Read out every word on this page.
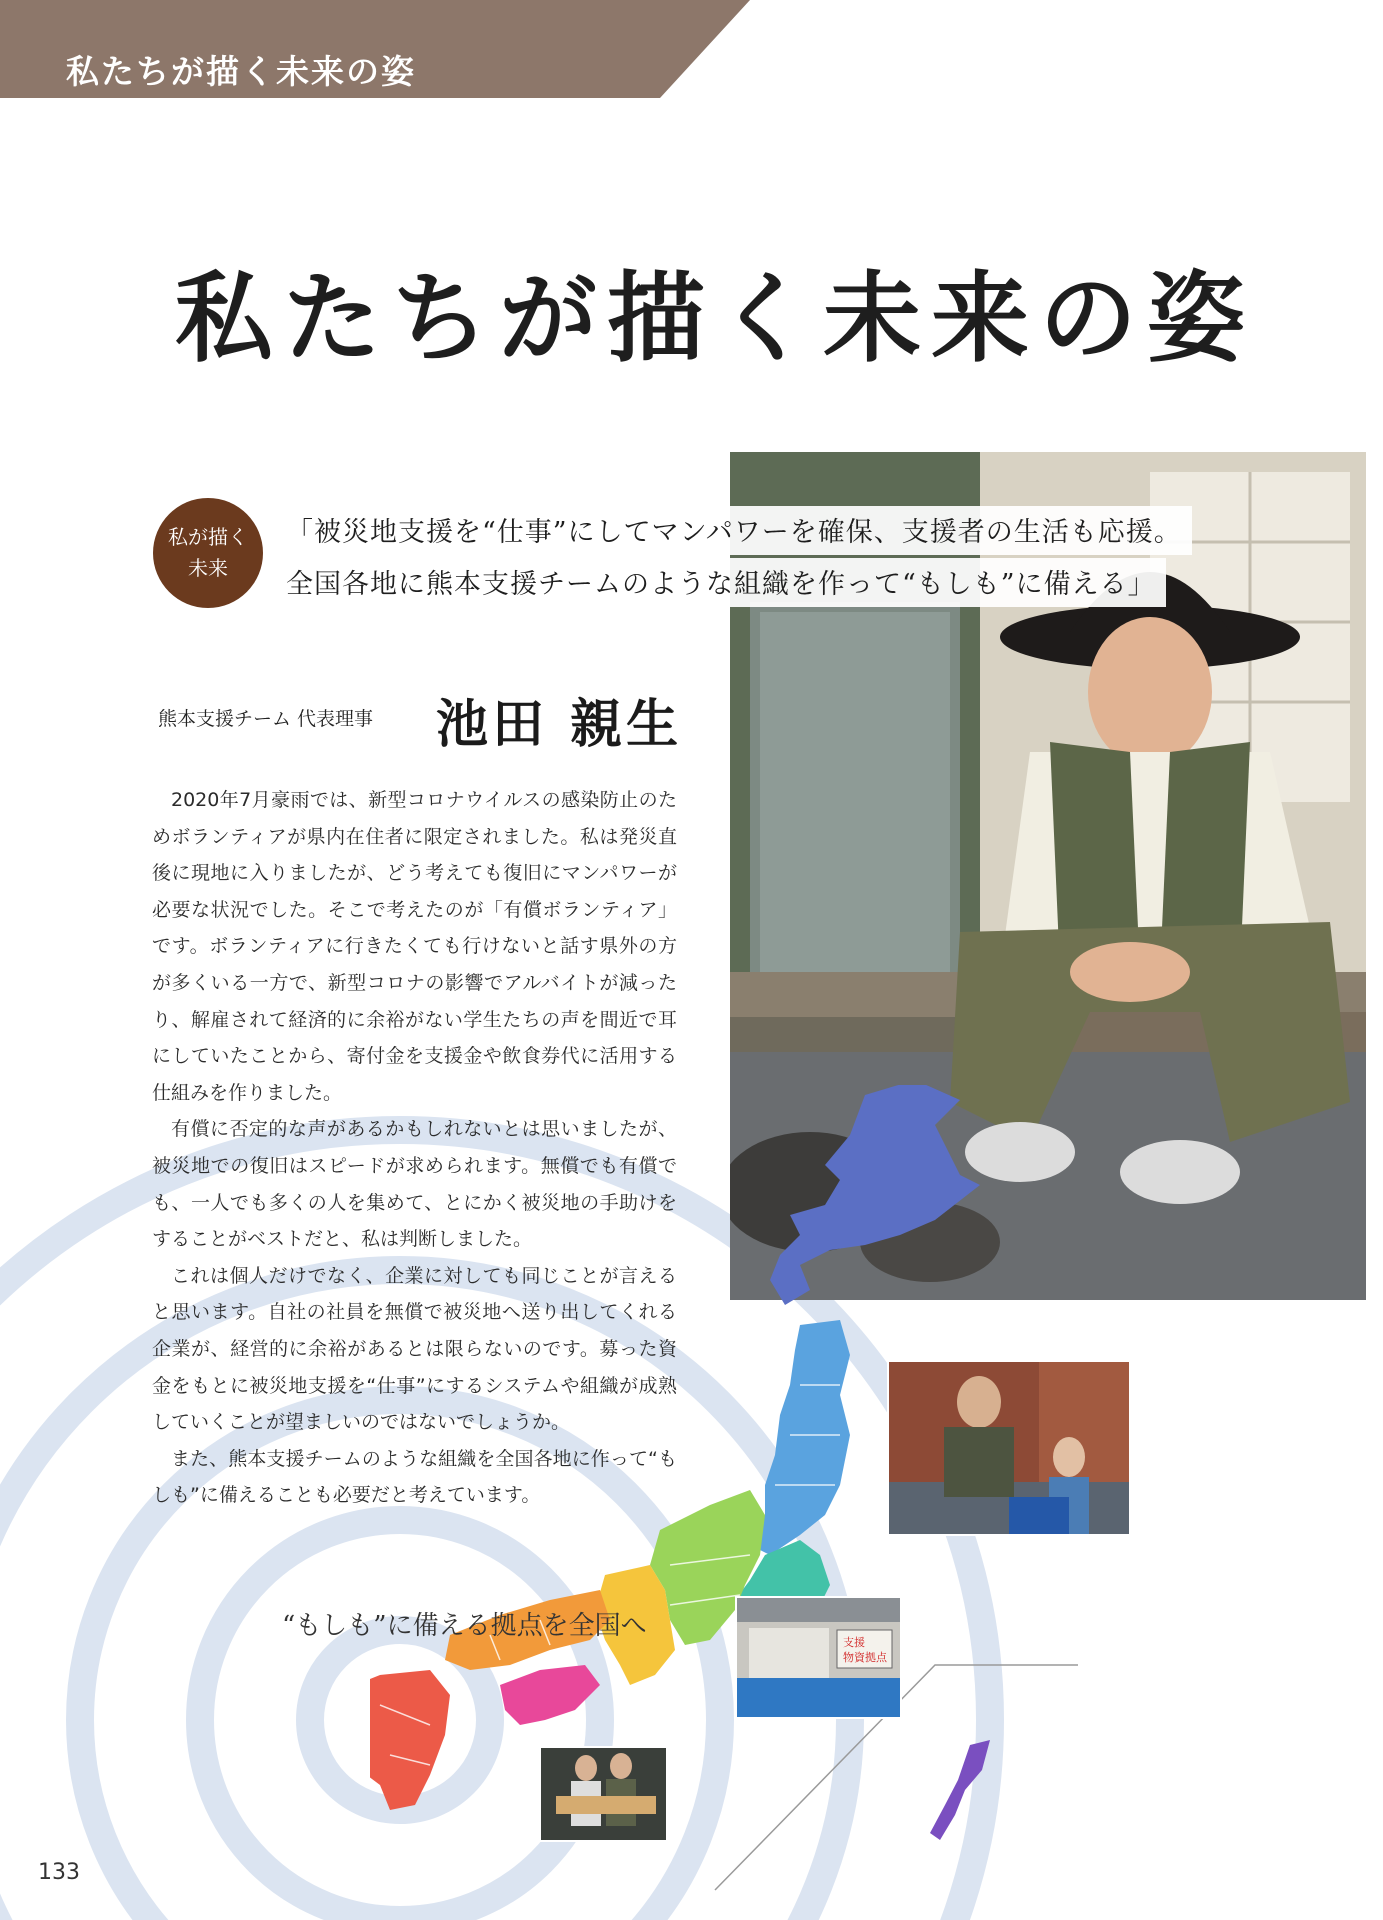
私たちが描く未来の姿
私たちが描く未来の姿
私が描く
未来
「被災地支援を“仕事”にしてマンパワーを確保、支援者の生活も応援。
全国各地に熊本支援チームのような組織を作って“もしも”に備える」
熊本支援チーム 代表理事 池田 親生

2020年7月豪雨では、新型コロナウイルスの感染防止のためボランティアが県内在住者に限定されました。私は発災直後に現地に入りましたが、どう考えても復旧にマンパワーが必要な状況でした。そこで考えたのが「有償ボランティア」です。ボランティアに行きたくても行けないと話す県外の方が多くいる一方で、新型コロナの影響でアルバイトが減ったり、解雇されて経済的に余裕がない学生たちの声を間近で耳にしていたことから、寄付金を支援金や飲食券代に活用する仕組みを作りました。

有償に否定的な声があるかもしれないとは思いましたが、被災地での復旧はスピードが求められます。無償でも有償でも、一人でも多くの人を集めて、とにかく被災地の手助けをすることがベストだと、私は判断しました。

これは個人だけでなく、企業に対しても同じことが言えると思います。自社の社員を無償で被災地へ送り出してくれる企業が、経営的に余裕があるとは限らないのです。募った資金をもとに被災地支援を“仕事”にするシステムや組織が成熟していくことが望ましいのではないでしょうか。

また、熊本支援チームのような組織を全国各地に作って“もしも”に備えることも必要だと考えています。

“もしも”に備える拠点を全国へ
支援
物資拠点
133
